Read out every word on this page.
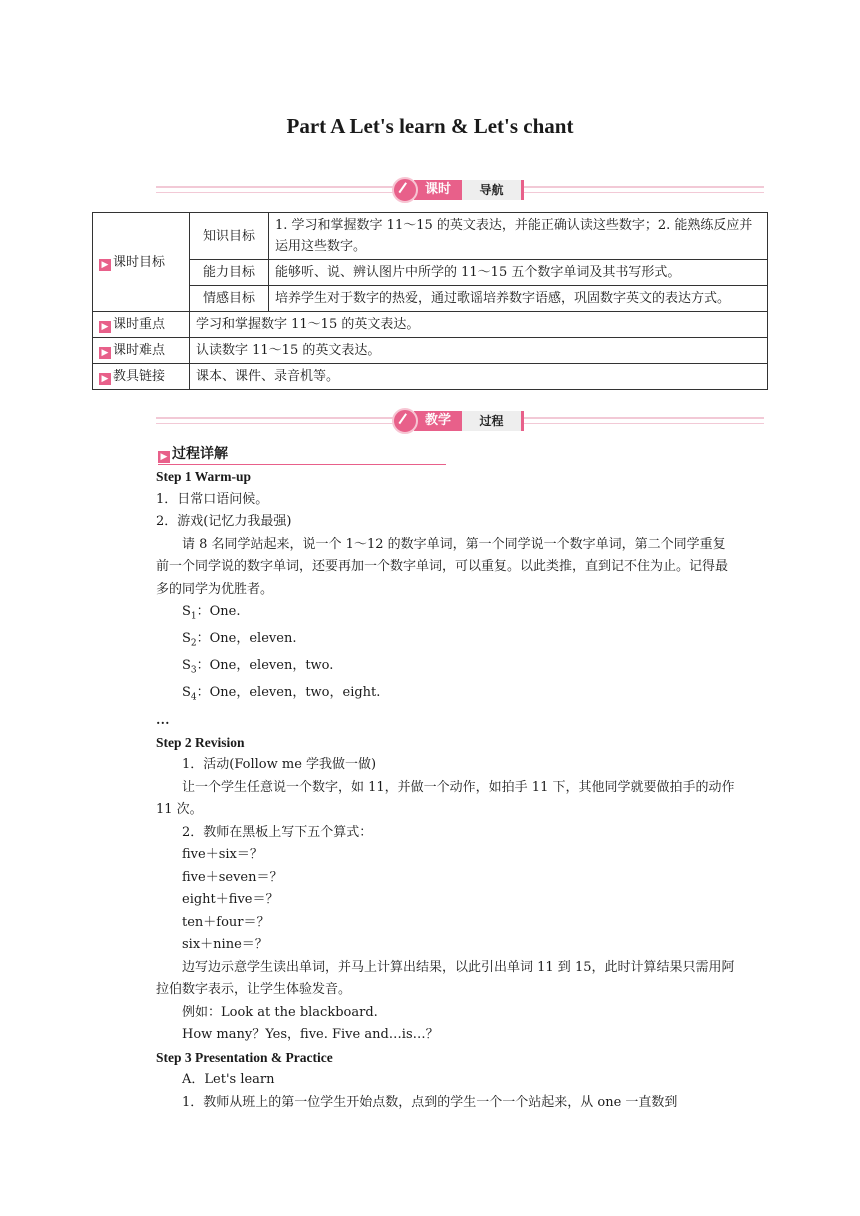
Part A Let's learn & Let's chant
课时	导航
▶ 课时目标	知识目标	1. 学习和掌握数字 11～15 的英文表达，并能正确认读这些数字；2. 能熟练反应并运用这些数字。
	能力目标	能够听、说、辨认图片中所学的 11～15 五个数字单词及其书写形式。
	情感目标	培养学生对于数字的热爱，通过歌谣培养数字语感，巩固数字英文的表达方式。
▶ 课时重点	学习和掌握数字 11～15 的英文表达。	
▶ 课时难点	认读数字 11～15 的英文表达。	
▶ 教具链接	课本、课件、录音机等。	
教学	过程
▶ 过程详解

Step 1 Warm-up

1．日常口语问候。

2．游戏(记忆力我最强)

请 8 名同学站起来，说一个 1～12 的数字单词，第一个同学说一个数字单词，第二个同学重复前一个同学说的数字单词，还要再加一个数字单词，可以重复。以此类推，直到记不住为止。记得最多的同学为优胜者。

$S_1$：One.

$S_2$：One，eleven.

$S_3$：One，eleven，two.

$S_4$：One，eleven，two，eight.

…

Step 2 Revision

1．活动(Follow me 学我做一做)

让一个学生任意说一个数字，如 11，并做一个动作，如拍手 11 下，其他同学就要做拍手的动作 11 次。

2．教师在黑板上写下五个算式：

five＋six＝？

five＋seven＝？

eight＋five＝？

ten＋four＝？

six＋nine＝？

边写边示意学生读出单词，并马上计算出结果，以此引出单词 11 到 15，此时计算结果只需用阿拉伯数字表示，让学生体验发音。

例如：Look at the blackboard.

How many？Yes，five. Five and…is…？

Step 3 Presentation & Practice

A．Let's learn

1．教师从班上的第一位学生开始点数，点到的学生一个一个站起来，从 one 一直数到
